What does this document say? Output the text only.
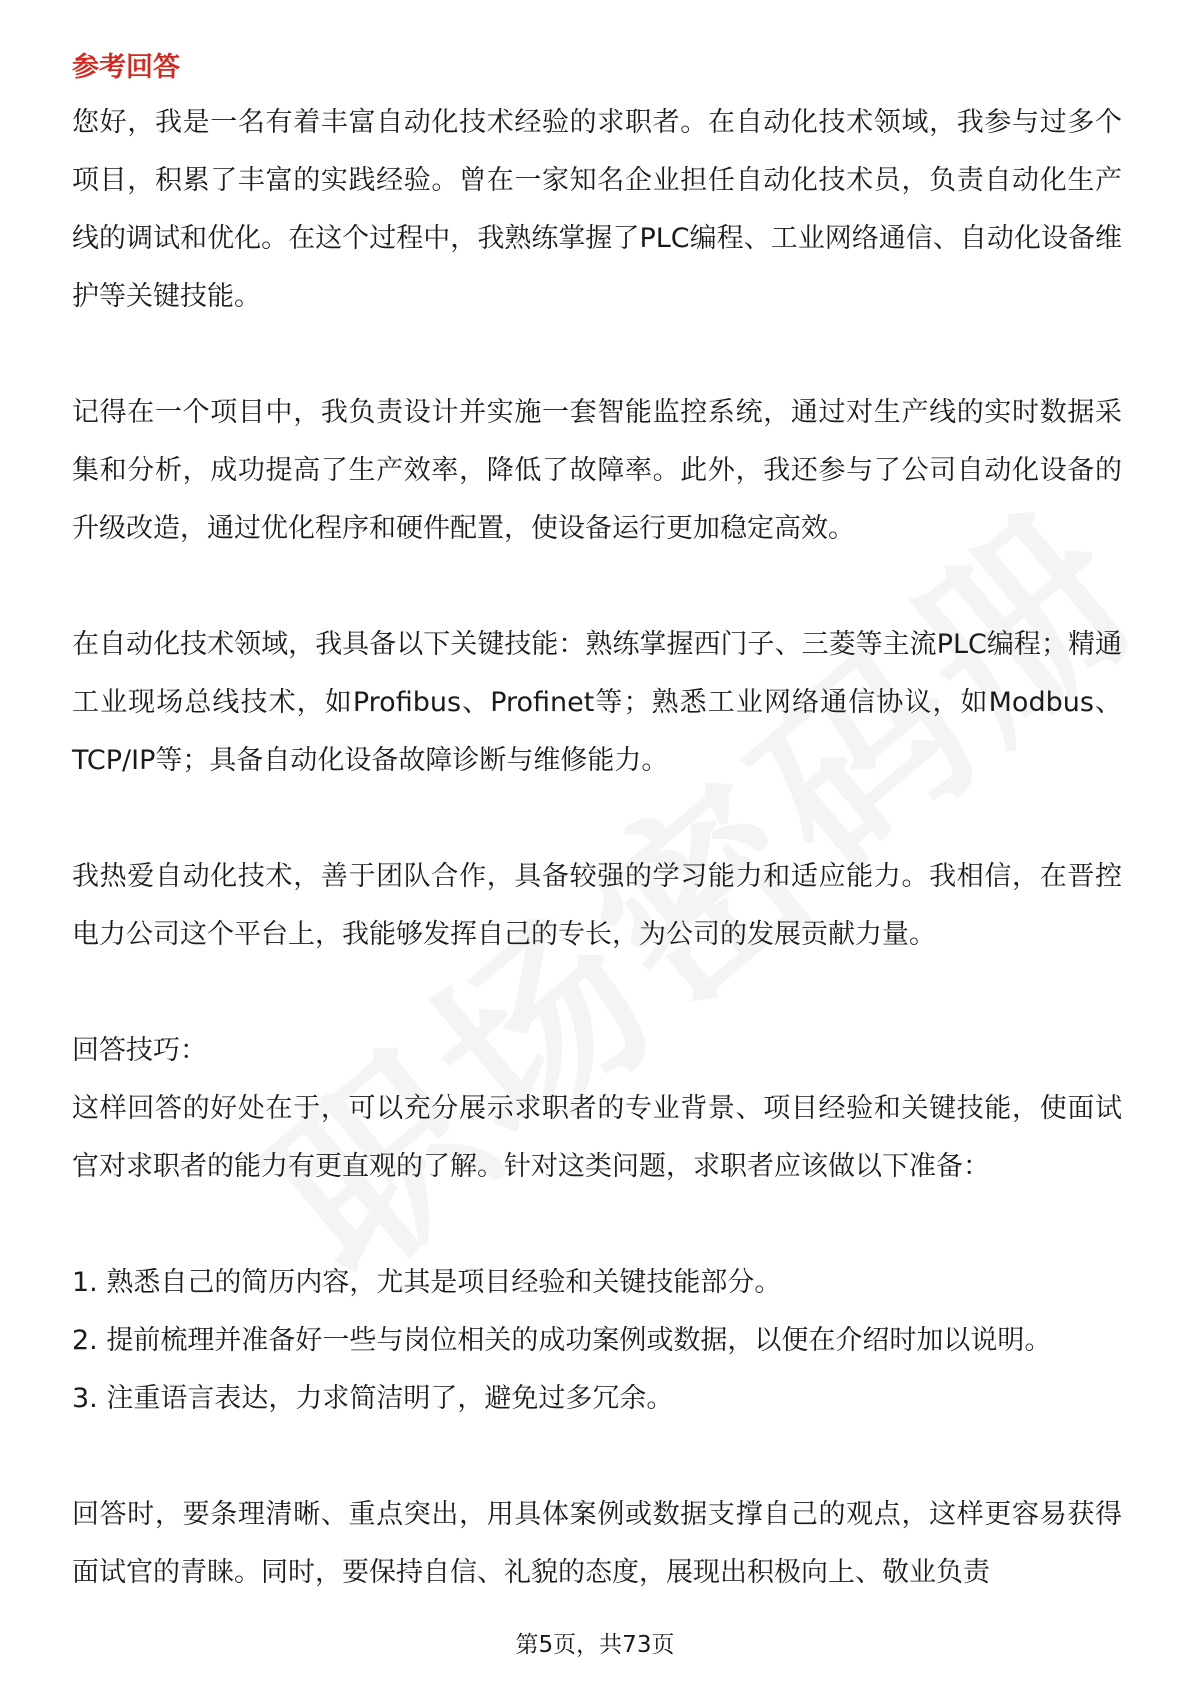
参考回答

您好，我是一名有着丰富自动化技术经验的求职者。在自动化技术领域，我参与过多个项目，积累了丰富的实践经验。曾在一家知名企业担任自动化技术员，负责自动化生产线的调试和优化。在这个过程中，我熟练掌握了PLC编程、工业网络通信、自动化设备维护等关键技能。

记得在一个项目中，我负责设计并实施一套智能监控系统，通过对生产线的实时数据采集和分析，成功提高了生产效率，降低了故障率。此外，我还参与了公司自动化设备的升级改造，通过优化程序和硬件配置，使设备运行更加稳定高效。

在自动化技术领域，我具备以下关键技能：熟练掌握西门子、三菱等主流PLC编程；精通工业现场总线技术，如Profibus、Profinet等；熟悉工业网络通信协议，如Modbus、TCP/IP等；具备自动化设备故障诊断与维修能力。

我热爱自动化技术，善于团队合作，具备较强的学习能力和适应能力。我相信，在晋控电力公司这个平台上，我能够发挥自己的专长，为公司的发展贡献力量。

回答技巧：

这样回答的好处在于，可以充分展示求职者的专业背景、项目经验和关键技能，使面试官对求职者的能力有更直观的了解。针对这类问题，求职者应该做以下准备：

1. 熟悉自己的简历内容，尤其是项目经验和关键技能部分。

2. 提前梳理并准备好一些与岗位相关的成功案例或数据，以便在介绍时加以说明。

3. 注重语言表达，力求简洁明了，避免过多冗余。

回答时，要条理清晰、重点突出，用具体案例或数据支撑自己的观点，这样更容易获得面试官的青睐。同时，要保持自信、礼貌的态度，展现出积极向上、敬业负责

第5页，共73页
